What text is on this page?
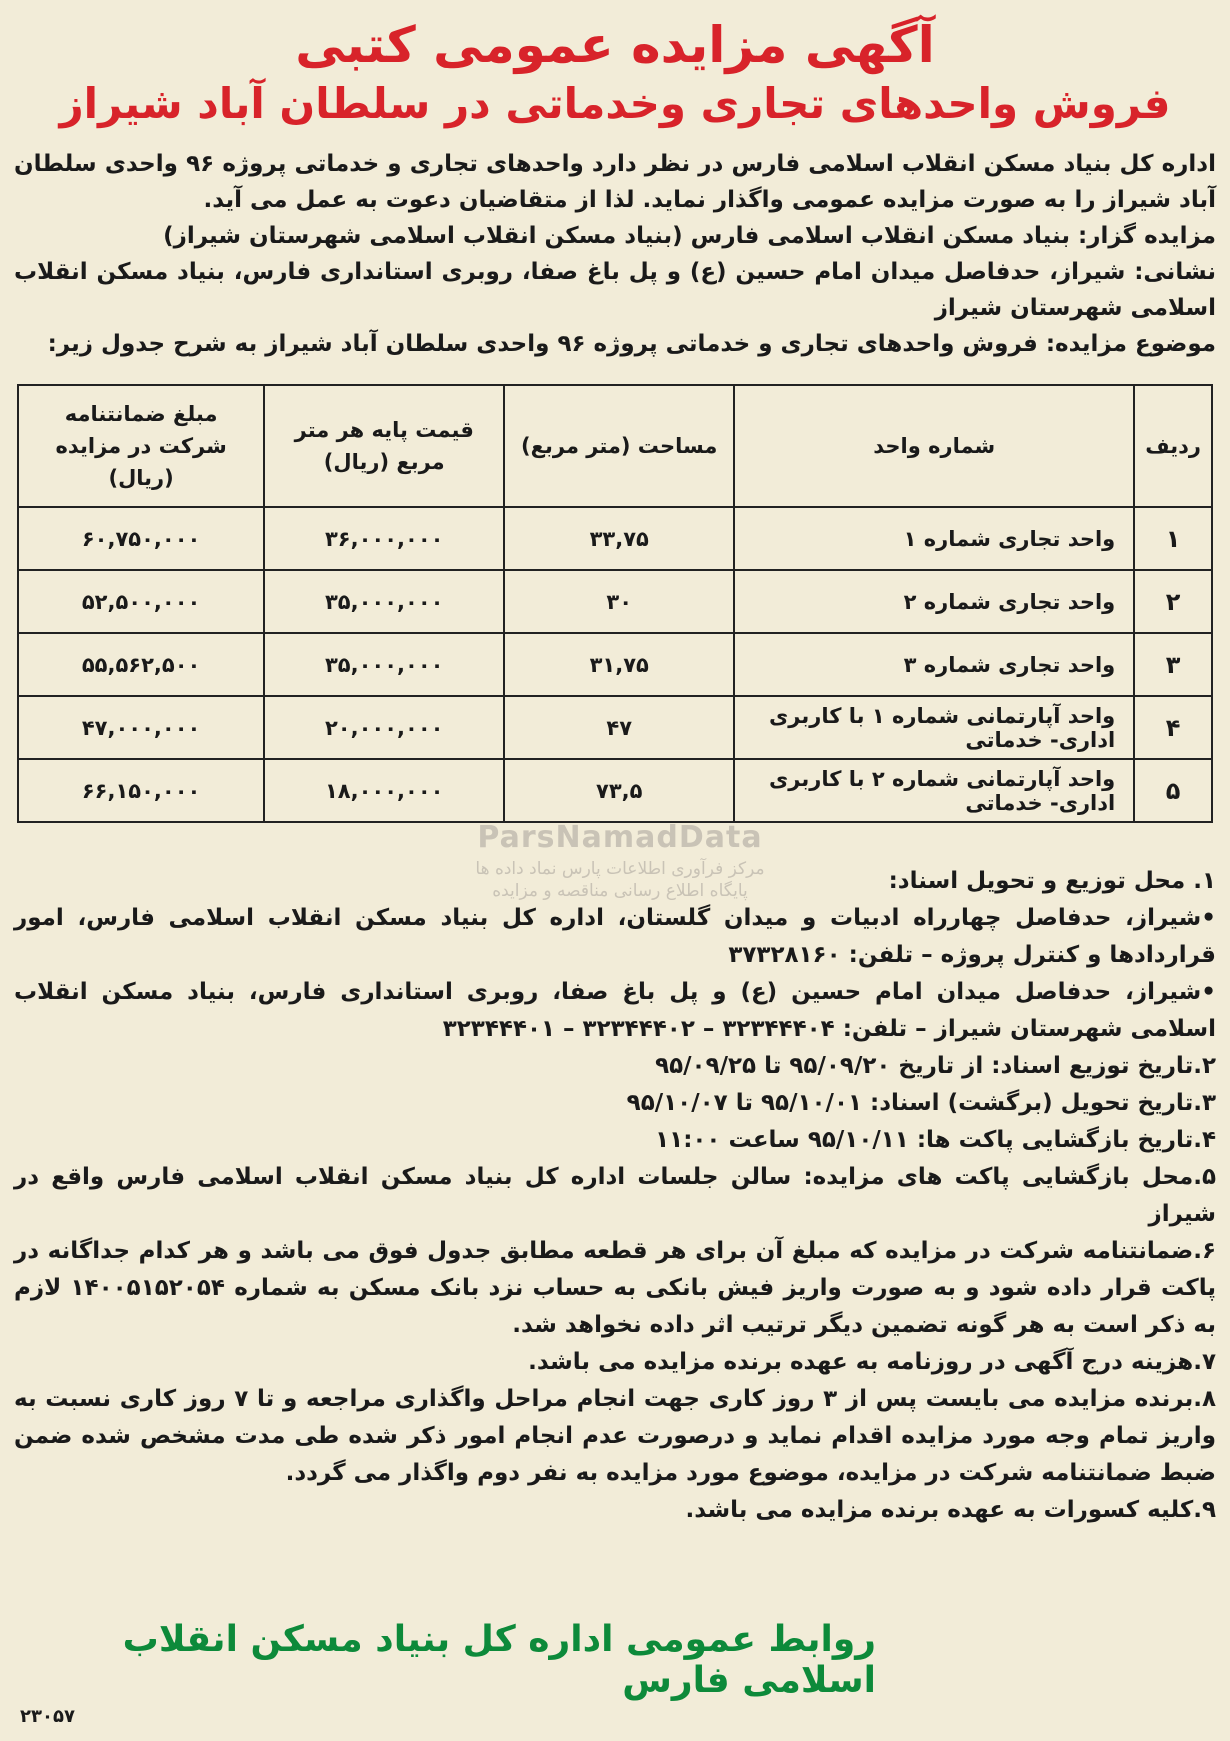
آگهی مزایده عمومی کتبی
فروش واحدهای تجاری وخدماتی در سلطان آباد شیراز

اداره کل بنیاد مسکن انقلاب اسلامی فارس در نظر دارد واحدهای تجاری و خدماتی پروژه ۹۶ واحدی سلطان آباد شیراز را به صورت مزایده عمومی واگذار نماید. لذا از متقاضیان دعوت به عمل می آید.

مزایده گزار: بنیاد مسکن انقلاب اسلامی فارس (بنیاد مسکن انقلاب اسلامی شهرستان شیراز)

نشانی: شیراز، حدفاصل میدان امام حسین (ع) و پل باغ صفا، روبری استانداری فارس، بنیاد مسکن انقلاب اسلامی شهرستان شیراز

موضوع مزایده: فروش واحدهای تجاری و خدماتی پروژه ۹۶ واحدی سلطان آباد شیراز به شرح جدول زیر:

ردیف	شماره واحد	مساحت (متر مربع)	قیمت پایه هر متر مربع (ریال)	مبلغ ضمانتنامه شرکت در مزایده (ریال)
۱	واحد تجاری شماره ۱	۳۳,۷۵	۳۶,۰۰۰,۰۰۰	۶۰,۷۵۰,۰۰۰
۲	واحد تجاری شماره ۲	۳۰	۳۵,۰۰۰,۰۰۰	۵۲,۵۰۰,۰۰۰
۳	واحد تجاری شماره ۳	۳۱,۷۵	۳۵,۰۰۰,۰۰۰	۵۵,۵۶۲,۵۰۰
۴	واحد آپارتمانی شماره ۱ با کاربری اداری- خدماتی	۴۷	۲۰,۰۰۰,۰۰۰	۴۷,۰۰۰,۰۰۰
۵	واحد آپارتمانی شماره ۲ با کاربری اداری- خدماتی	۷۳,۵	۱۸,۰۰۰,۰۰۰	۶۶,۱۵۰,۰۰۰

۱. محل توزیع و تحویل اسناد:

•شیراز، حدفاصل چهارراه ادبیات و میدان گلستان، اداره کل بنیاد مسکن انقلاب اسلامی فارس، امور قراردادها و کنترل پروژه – تلفن: ۳۷۳۲۸۱۶۰

•شیراز، حدفاصل میدان امام حسین (ع) و پل باغ صفا، روبری استانداری فارس، بنیاد مسکن انقلاب اسلامی شهرستان شیراز – تلفن: ۳۲۳۴۴۴۰۴ – ۳۲۳۴۴۴۰۲ – ۳۲۳۴۴۴۰۱

۲.تاریخ توزیع اسناد: از تاریخ ۹۵/۰۹/۲۰ تا ۹۵/۰۹/۲۵

۳.تاریخ تحویل (برگشت) اسناد: ۹۵/۱۰/۰۱ تا ۹۵/۱۰/۰۷

۴.تاریخ بازگشایی پاکت ها: ۹۵/۱۰/۱۱ ساعت ۱۱:۰۰

۵.محل بازگشایی پاکت های مزایده: سالن جلسات اداره کل بنیاد مسکن انقلاب اسلامی فارس واقع در شیراز

۶.ضمانتنامه شرکت در مزایده که مبلغ آن برای هر قطعه مطابق جدول فوق می باشد و هر کدام جداگانه در پاکت قرار داده شود و به صورت واریز فیش بانکی به حساب نزد بانک مسکن به شماره ۱۴۰۰۵۱۵۲۰۵۴ لازم به ذکر است به هر گونه تضمین دیگر ترتیب اثر داده نخواهد شد.

۷.هزینه درج آگهی در روزنامه به عهده برنده مزایده می باشد.

۸.برنده مزایده می بایست پس از ۳ روز کاری جهت انجام مراحل واگذاری مراجعه و تا ۷ روز کاری نسبت به واریز تمام وجه مورد مزایده اقدام نماید و درصورت عدم انجام امور ذکر شده طی مدت مشخص شده ضمن ضبط ضمانتنامه شرکت در مزایده، موضوع مورد مزایده به نفر دوم واگذار می گردد.

۹.کلیه کسورات به عهده برنده مزایده می باشد.

روابط عمومی اداره کل بنیاد مسکن انقلاب اسلامی فارس
۲۳۰۵۷
ParsNamadData
مرکز فرآوری اطلاعات پارس نماد داده ها
پایگاه اطلاع رسانی مناقصه و مزایده
